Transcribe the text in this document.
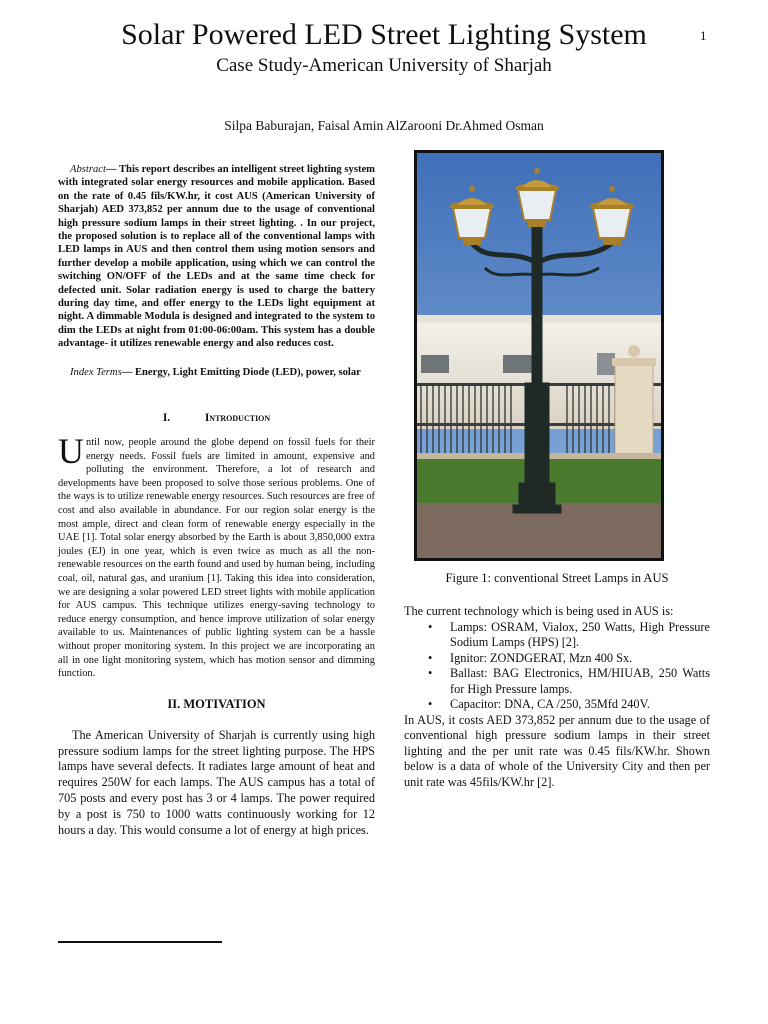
1
Solar Powered LED Street Lighting System
Case Study-American University of Sharjah
Silpa Baburajan, Faisal Amin AlZarooni Dr.Ahmed Osman

Abstract— This report describes an intelligent street lighting system with integrated solar energy resources and mobile application. Based on the rate of 0.45 fils/KW.hr, it cost AUS (American University of Sharjah) AED 373,852 per annum due to the usage of conventional high pressure sodium lamps in their street lighting. . In our project, the proposed solution is to replace all of the conventional lamps with LED lamps in AUS and then control them using motion sensors and further develop a mobile application, using which we can control the switching ON/OFF of the LEDs and at the same time check for defected unit. Solar radiation energy is used to charge the battery during day time, and offer energy to the LEDs light equipment at night. A dimmable Modula is designed and integrated to the system to dim the LEDs at night from 01:00-06:00am. This system has a double advantage- it utilizes renewable energy and also reduces cost.

Index Terms— Energy, Light Emitting Diode (LED), power, solar

I.	Introduction

Until now, people around the globe depend on fossil fuels for their energy needs. Fossil fuels are limited in amount, expensive and polluting the environment. Therefore, a lot of research and developments have been proposed to solve those serious problems. One of the ways is to utilize renewable energy resources. Such resources are free of cost and also available in abundance. For our region solar energy is the most ample, direct and clean form of renewable energy especially in the UAE [1]. Total solar energy absorbed by the Earth is about 3,850,000 extra joules (EJ) in one year, which is even twice as much as all the non-renewable resources on the earth found and used by human being, including coal, oil, natural gas, and uranium [1]. Taking this idea into consideration, we are designing a solar powered LED street lights with mobile application for AUS campus. This technique utilizes energy-saving technology to reduce energy consumption, and hence improve utilization of solar energy available to us. Maintenances of public lighting system can be a hassle without proper monitoring system. In this project we are incorporating an all in one light monitoring system, which has motion sensor and dimming function.

II. MOTIVATION

The American University of Sharjah is currently using high pressure sodium lamps for the street lighting purpose. The HPS lamps have several defects. It radiates large amount of heat and requires 250W for each lamps. The AUS campus has a total of 705 posts and every post has 3 or 4 lamps. The power required by a post is 750 to 1000 watts continuously working for 12 hours a day. This would consume a lot of energy at high prices.

Figure 1: conventional Street Lamps in AUS

The current technology which is being used in AUS is:

• Lamps: OSRAM, Vialox, 250 Watts, High Pressure Sodium Lamps (HPS) [2].
• Ignitor: ZONDGERAT, Mzn 400 Sx.
• Ballast: BAG Electronics, HM/HIUAB, 250 Watts for High Pressure lamps.
• Capacitor: DNA, CA /250, 35Mfd 240V.

In AUS, it costs AED 373,852 per annum due to the usage of conventional high pressure sodium lamps in their street lighting and the per unit rate was 0.45 fils/KW.hr. Shown below is a data of whole of the University City and then per unit rate was 45fils/KW.hr [2].
